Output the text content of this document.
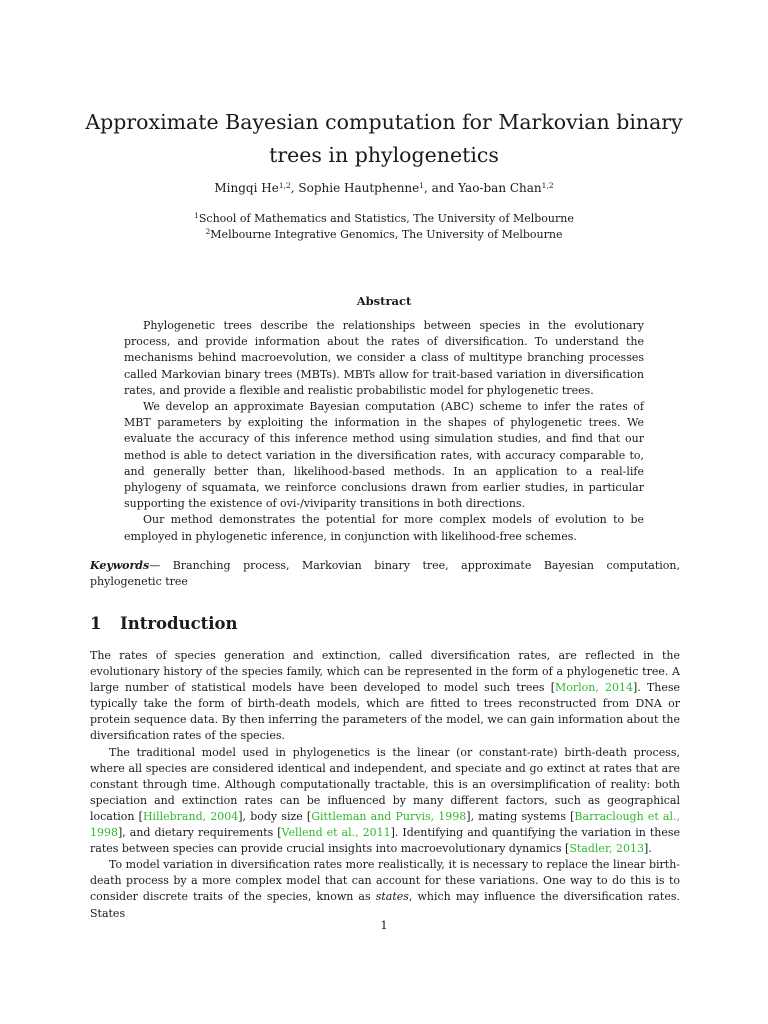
Approximate Bayesian computation for Markovian binary trees in phylogenetics
Mingqi He$^{1,2}$, Sophie Hautphenne$^1$, and Yao-ban Chan$^{1,2}$
$^1$School of Mathematics and Statistics, The University of Melbourne
$^2$Melbourne Integrative Genomics, The University of Melbourne
Abstract

Phylogenetic trees describe the relationships between species in the evolutionary process, and provide information about the rates of diversification. To understand the mechanisms behind macroevolution, we consider a class of multitype branching processes called Markovian binary trees (MBTs). MBTs allow for trait-based variation in diversification rates, and provide a flexible and realistic probabilistic model for phylogenetic trees.

We develop an approximate Bayesian computation (ABC) scheme to infer the rates of MBT parameters by exploiting the information in the shapes of phylogenetic trees. We evaluate the accuracy of this inference method using simulation studies, and find that our method is able to detect variation in the diversification rates, with accuracy comparable to, and generally better than, likelihood-based methods. In an application to a real-life phylogeny of squamata, we reinforce conclusions drawn from earlier studies, in particular supporting the existence of ovi-/viviparity transitions in both directions.

Our method demonstrates the potential for more complex models of evolution to be employed in phylogenetic inference, in conjunction with likelihood-free schemes.

Keywords— Branching process, Markovian binary tree, approximate Bayesian computation, phylogenetic tree
1 Introduction

The rates of species generation and extinction, called diversification rates, are reflected in the evolutionary history of the species family, which can be represented in the form of a phylogenetic tree. A large number of statistical models have been developed to model such trees [Morlon, 2014]. These typically take the form of birth-death models, which are fitted to trees reconstructed from DNA or protein sequence data. By then inferring the parameters of the model, we can gain information about the diversification rates of the species.

The traditional model used in phylogenetics is the linear (or constant-rate) birth-death process, where all species are considered identical and independent, and speciate and go extinct at rates that are constant through time. Although computationally tractable, this is an oversimplification of reality: both speciation and extinction rates can be influenced by many different factors, such as geographical location [Hillebrand, 2004], body size [Gittleman and Purvis, 1998], mating systems [Barraclough et al., 1998], and dietary requirements [Vellend et al., 2011]. Identifying and quantifying the variation in these rates between species can provide crucial insights into macroevolutionary dynamics [Stadler, 2013].

To model variation in diversification rates more realistically, it is necessary to replace the linear birth-death process by a more complex model that can account for these variations. One way to do this is to consider discrete traits of the species, known as states, which may influence the diversification rates. States

1
